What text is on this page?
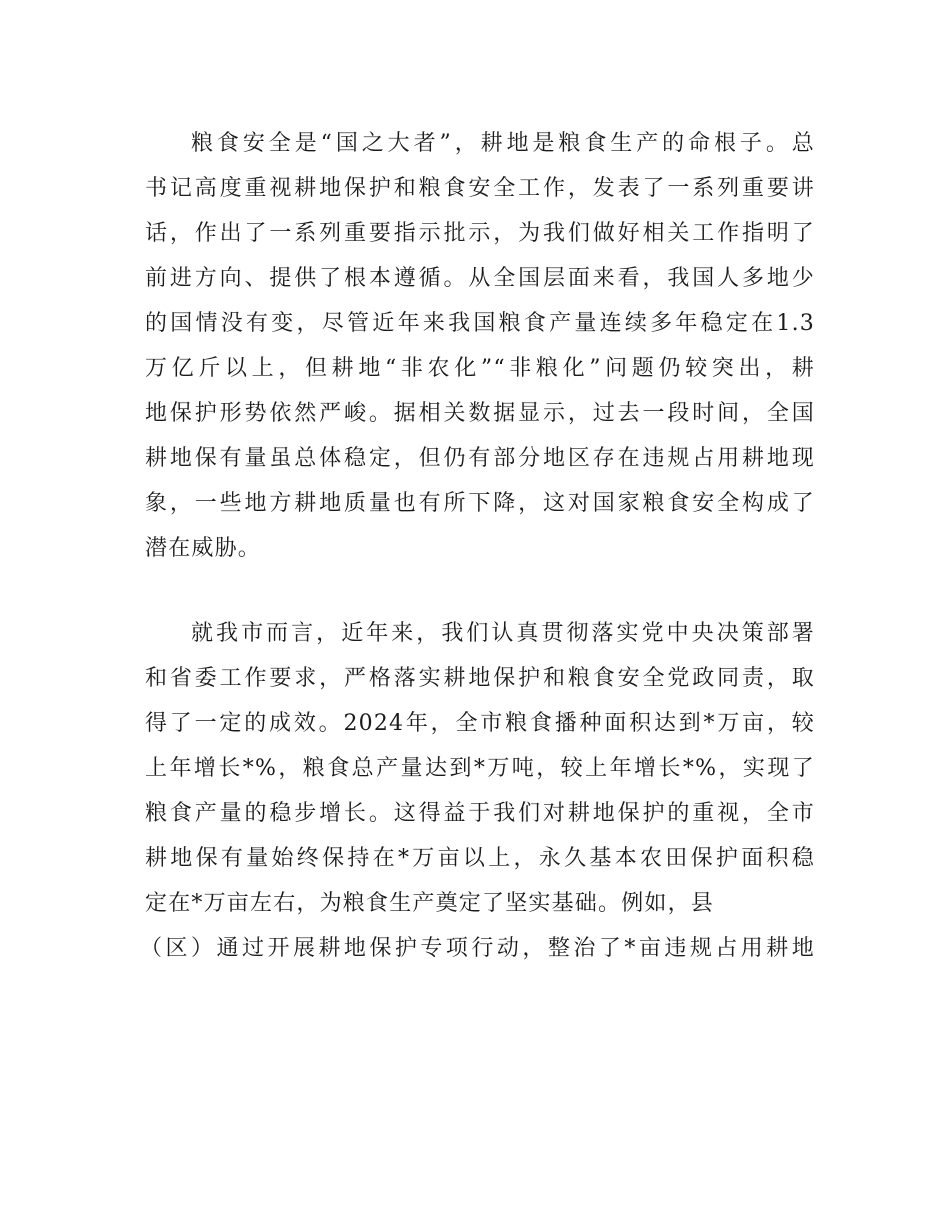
粮食安全是“国之大者”，耕地是粮食生产的命根子。总

书记高度重视耕地保护和粮食安全工作，发表了一系列重要讲

话，作出了一系列重要指示批示，为我们做好相关工作指明了

前进方向、提供了根本遵循。从全国层面来看，我国人多地少

的国情没有变，尽管近年来我国粮食产量连续多年稳定在1.3

万亿斤以上，但耕地“非农化”“非粮化”问题仍较突出，耕

地保护形势依然严峻。据相关数据显示，过去一段时间，全国

耕地保有量虽总体稳定，但仍有部分地区存在违规占用耕地现

象，一些地方耕地质量也有所下降，这对国家粮食安全构成了

潜在威胁。

就我市而言，近年来，我们认真贯彻落实党中央决策部署

和省委工作要求，严格落实耕地保护和粮食安全党政同责，取

得了一定的成效。2024年，全市粮食播种面积达到*万亩，较

上年增长*%，粮食总产量达到*万吨，较上年增长*%，实现了

粮食产量的稳步增长。这得益于我们对耕地保护的重视，全市

耕地保有量始终保持在*万亩以上，永久基本农田保护面积稳

定在*万亩左右，为粮食生产奠定了坚实基础。例如，县

（区）通过开展耕地保护专项行动，整治了*亩违规占用耕地
